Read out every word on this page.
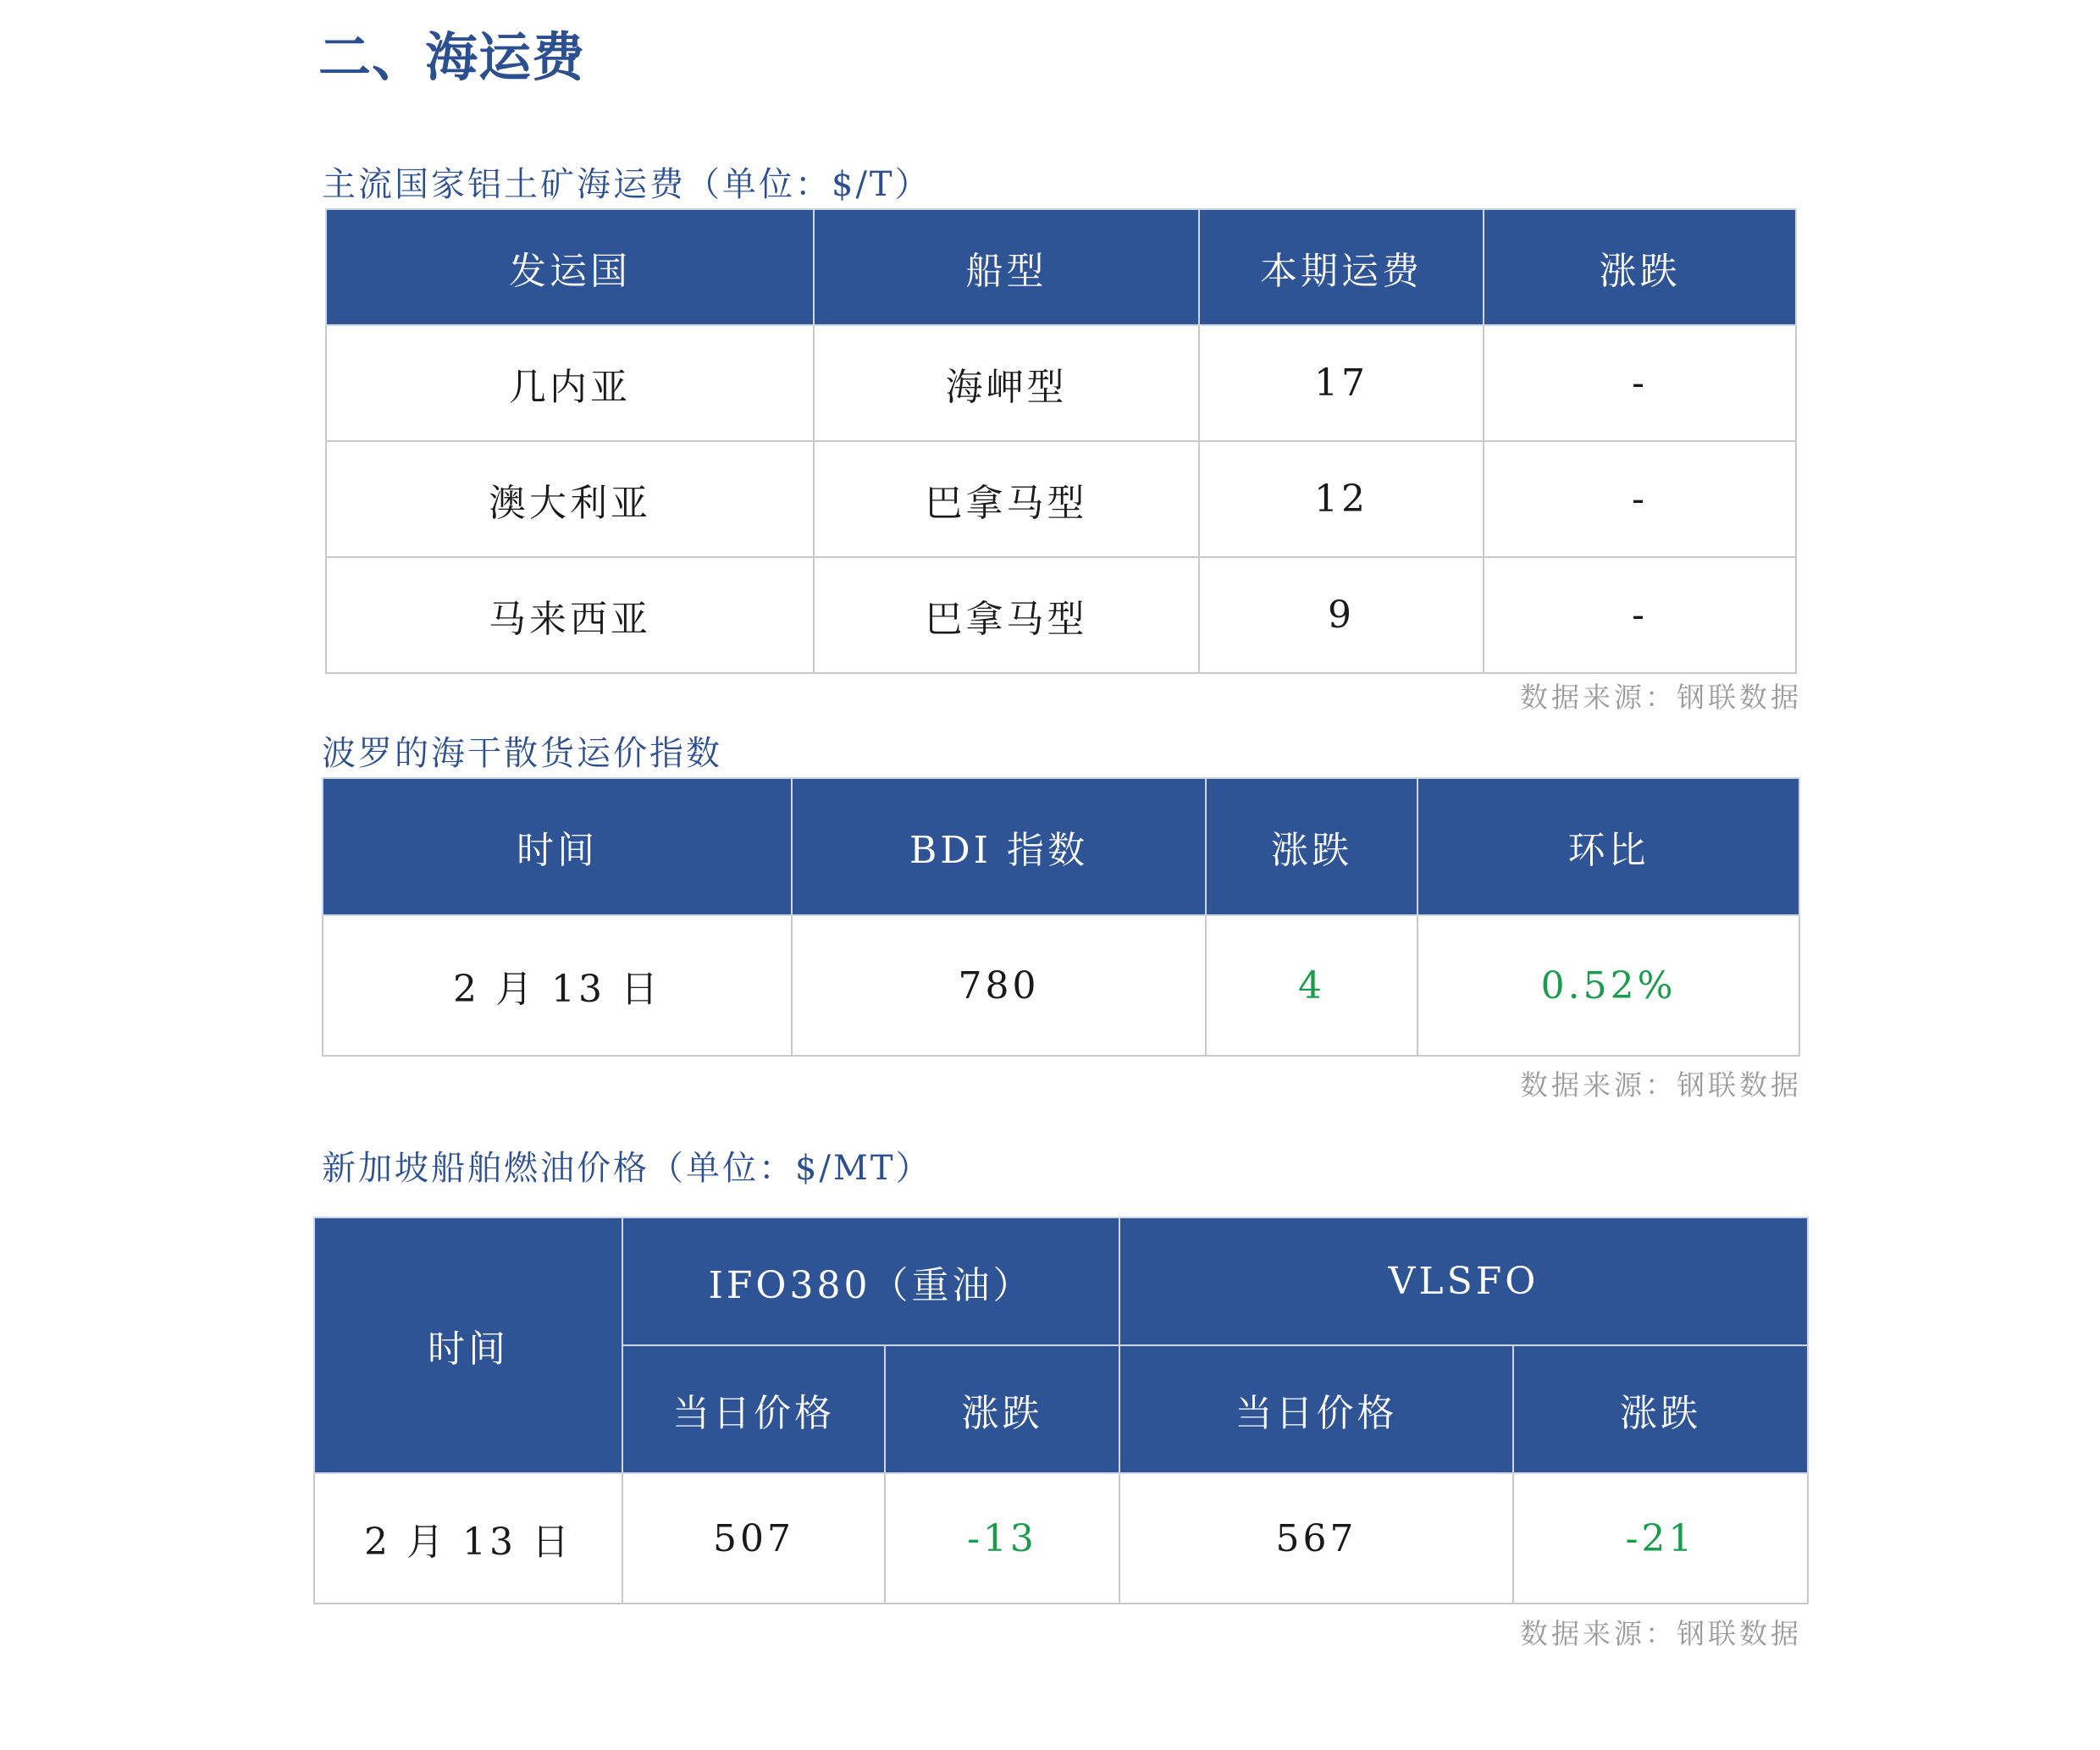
二、海运费
主流国家铝土矿海运费（单位：$/T）
发运国	船型	本期运费	涨跌
几内亚	海岬型	17	-
澳大利亚	巴拿马型	12	-
马来西亚	巴拿马型	9	-
数据来源：钢联数据
波罗的海干散货运价指数
时间	BDI 指数	涨跌	环比
2 月 13 日	780	4	0.52%
数据来源：钢联数据
新加坡船舶燃油价格（单位：$/MT）
时间	IFO380（重油）		VLSFO	
	当日价格	涨跌	当日价格	涨跌
2 月 13 日	507	-13	567	-21
数据来源：钢联数据
